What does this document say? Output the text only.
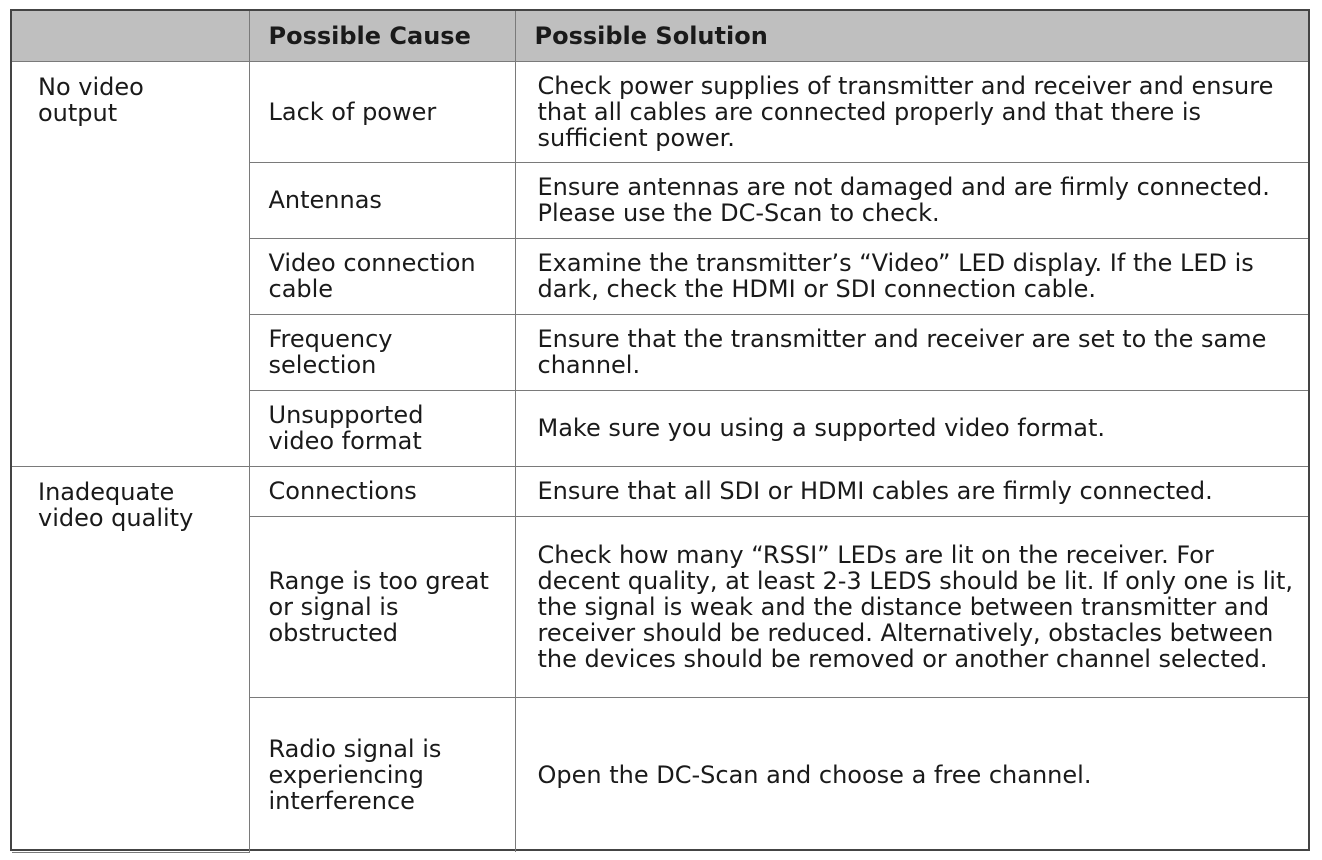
	Possible Cause	Possible Solution
No video output	Lack of power	Check power supplies of transmitter and receiver and ensure that all cables are connected properly and that there is sufficient power.
	Antennas	Ensure antennas are not damaged and are firmly connected. Please use the DC-Scan to check.
	Video connection cable	Examine the transmitter’s “Video” LED display. If the LED is dark, check the HDMI or SDI connection cable.
	Frequency selection	Ensure that the transmitter and receiver are set to the same channel.
	Unsupported video format	Make sure you using a supported video format.
Inadequate video quality	Connections	Ensure that all SDI or HDMI cables are firmly connected.
	Range is too great or signal is obstructed	Check how many “RSSI” LEDs are lit on the receiver. For decent quality, at least 2-3 LEDS should be lit. If only one is lit, the signal is weak and the distance between transmitter and receiver should be reduced. Alternatively, obstacles between the devices should be removed or another channel selected.
	Radio signal is experiencing interference	Open the DC-Scan and choose a free channel.
